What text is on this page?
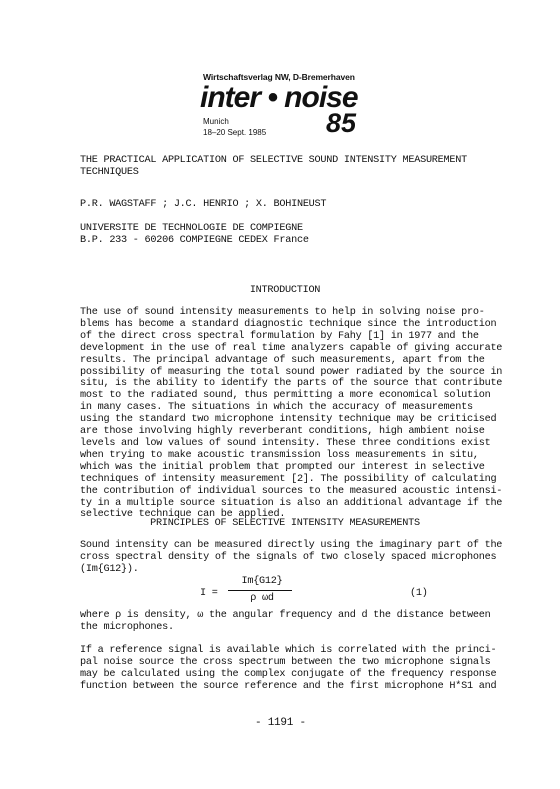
Wirtschaftsverlag NW, D-Bremerhaven
inter • noise
Munich
18–20 Sept. 1985 85
THE PRACTICAL APPLICATION OF SELECTIVE SOUND INTENSITY MEASUREMENT
TECHNIQUES
P.R. WAGSTAFF ; J.C. HENRIO ; X. BOHINEUST
UNIVERSITE DE TECHNOLOGIE DE COMPIEGNE
B.P. 233 - 60206 COMPIEGNE CEDEX France
INTRODUCTION
The use of sound intensity measurements to help in solving noise pro-
blems has become a standard diagnostic technique since the introduction
of the direct cross spectral formulation by Fahy [1] in 1977 and the
development in the use of real time analyzers capable of giving accurate
results. The principal advantage of such measurements, apart from the
possibility of measuring the total sound power radiated by the source in
situ, is the ability to identify the parts of the source that contribute
most to the radiated sound, thus permitting a more economical solution
in many cases. The situations in which the accuracy of measurements
using the standard two microphone intensity technique may be criticised
are those involving highly reverberant conditions, high ambient noise
levels and low values of sound intensity. These three conditions exist
when trying to make acoustic transmission loss measurements in situ,
which was the initial problem that prompted our interest in selective
techniques of intensity measurement [2]. The possibility of calculating
the contribution of individual sources to the measured acoustic intensi-
ty in a multiple source situation is also an additional advantage if the
selective technique can be applied.
PRINCIPLES OF SELECTIVE INTENSITY MEASUREMENTS
Sound intensity can be measured directly using the imaginary part of the
cross spectral density of the signals of two closely spaced microphones
(Im{G12}).
I =
Im{G12}
ρ ωd	(1)
where ρ is density, ω the angular frequency and d the distance between
the microphones.
If a reference signal is available which is correlated with the princi-
pal noise source the cross spectrum between the two microphone signals
may be calculated using the complex conjugate of the frequency response
function between the source reference and the first microphone H*S1 and
- 1191 -
